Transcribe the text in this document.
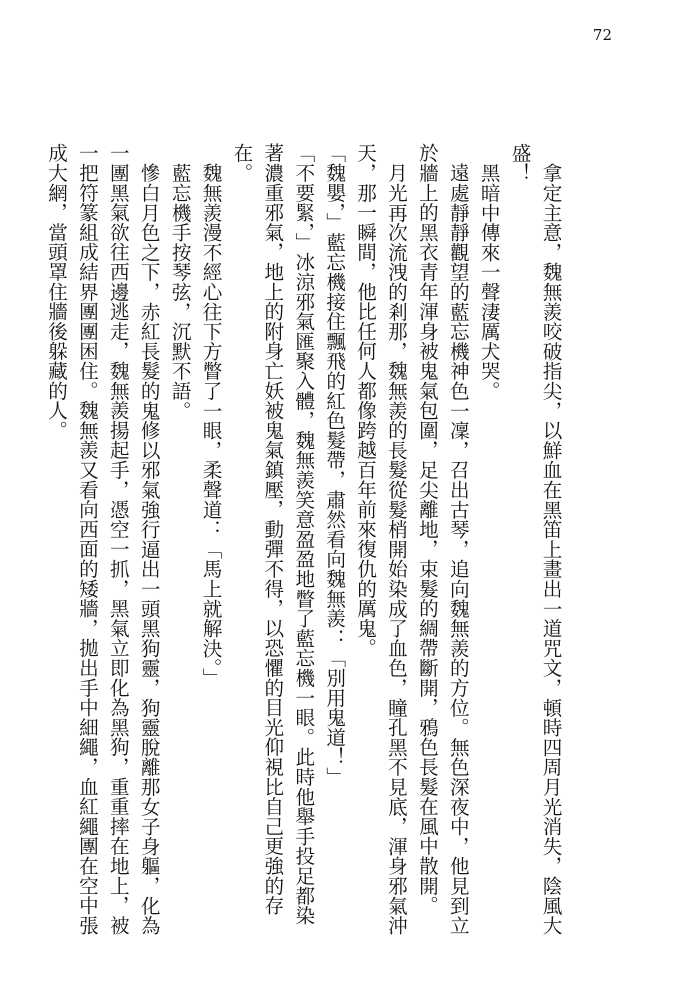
72

拿定主意，魏無羨咬破指尖，以鮮血在黑笛上畫出一道咒文，頓時四周月光消失，陰風大盛！

黑暗中傳來一聲淒厲犬哭。

遠處靜靜觀望的藍忘機神色一凜，召出古琴，追向魏無羨的方位。無色深夜中，他見到立於牆上的黑衣青年渾身被鬼氣包圍，足尖離地，束髮的綢帶斷開，鴉色長髮在風中散開。

月光再次流洩的剎那，魏無羨的長髮從髮梢開始染成了血色，瞳孔黑不見底，渾身邪氣沖天，那一瞬間，他比任何人都像跨越百年前來復仇的厲鬼。

「魏嬰，」藍忘機接住飄飛的紅色髮帶，肅然看向魏無羨：「別用鬼道！」

「不要緊，」冰涼邪氣匯聚入體，魏無羨笑意盈盈地瞥了藍忘機一眼。此時他舉手投足都染著濃重邪氣，地上的附身亡妖被鬼氣鎮壓，動彈不得，以恐懼的目光仰視比自己更強的存在。

魏無羨漫不經心往下方瞥了一眼，柔聲道：「馬上就解決。」

藍忘機手按琴弦，沉默不語。

慘白月色之下，赤紅長髮的鬼修以邪氣強行逼出一頭黑狗靈，狗靈脫離那女子身軀，化為一團黑氣欲往西邊逃走，魏無羨揚起手，憑空一抓，黑氣立即化為黑狗，重重摔在地上，被一把符篆組成結界團團困住。魏無羨又看向西面的矮牆，拋出手中細繩，血紅繩團在空中張成大網，當頭罩住牆後躲藏的人。
